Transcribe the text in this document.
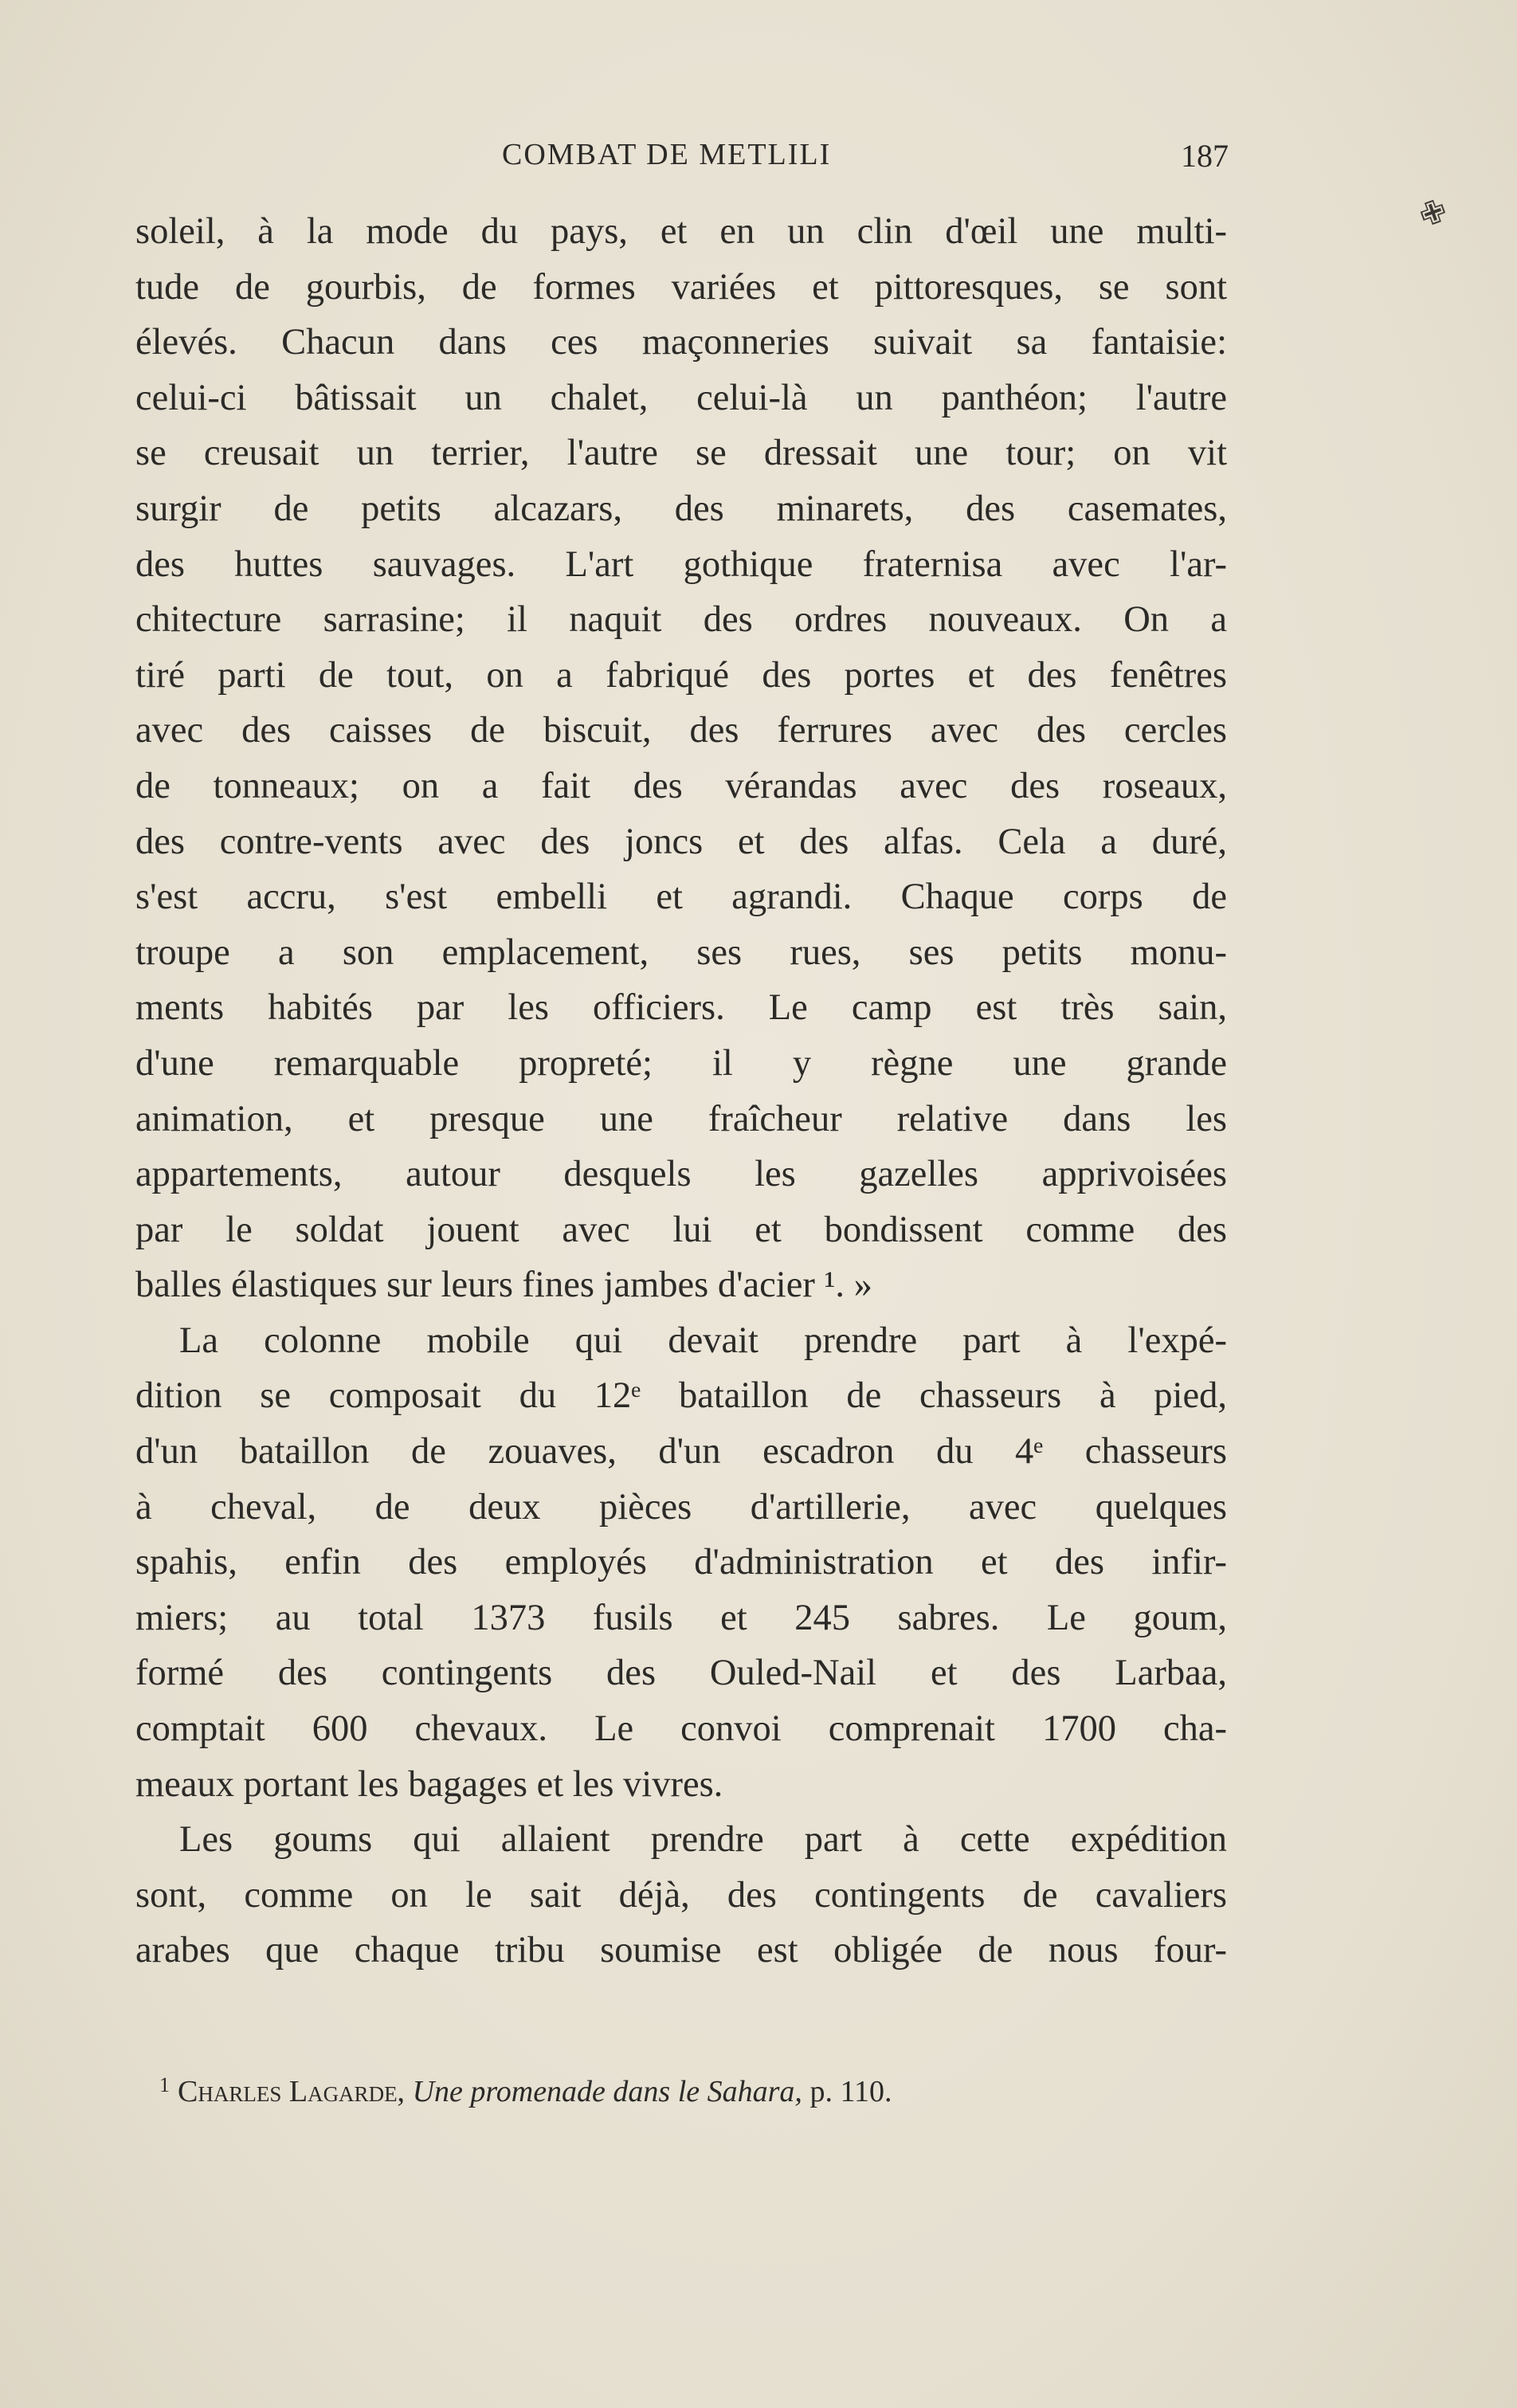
COMBAT DE METLILI	187
✙
soleil, à la mode du pays, et en un clin d'œil une multi-
tude de gourbis, de formes variées et pittoresques, se sont
élevés. Chacun dans ces maçonneries suivait sa fantaisie:
celui-ci bâtissait un chalet, celui-là un panthéon; l'autre
se creusait un terrier, l'autre se dressait une tour; on vit
surgir de petits alcazars, des minarets, des casemates,
des huttes sauvages. L'art gothique fraternisa avec l'ar-
chitecture sarrasine; il naquit des ordres nouveaux. On a
tiré parti de tout, on a fabriqué des portes et des fenêtres
avec des caisses de biscuit, des ferrures avec des cercles
de tonneaux; on a fait des vérandas avec des roseaux,
des contre-vents avec des joncs et des alfas. Cela a duré,
s'est accru, s'est embelli et agrandi. Chaque corps de
troupe a son emplacement, ses rues, ses petits monu-
ments habités par les officiers. Le camp est très sain,
d'une remarquable propreté; il y règne une grande
animation, et presque une fraîcheur relative dans les
appartements, autour desquels les gazelles apprivoisées
par le soldat jouent avec lui et bondissent comme des
balles élastiques sur leurs fines jambes d'acier ¹. »
La colonne mobile qui devait prendre part à l'expé-
dition se composait du 12ᵉ bataillon de chasseurs à pied,
d'un bataillon de zouaves, d'un escadron du 4ᵉ chasseurs
à cheval, de deux pièces d'artillerie, avec quelques
spahis, enfin des employés d'administration et des infir-
miers; au total 1373 fusils et 245 sabres. Le goum,
formé des contingents des Ouled-Nail et des Larbaa,
comptait 600 chevaux. Le convoi comprenait 1700 cha-
meaux portant les bagages et les vivres.
Les goums qui allaient prendre part à cette expédition
sont, comme on le sait déjà, des contingents de cavaliers
arabes que chaque tribu soumise est obligée de nous four-
$^1$ Charles Lagarde, Une promenade dans le Sahara, p. 110.
